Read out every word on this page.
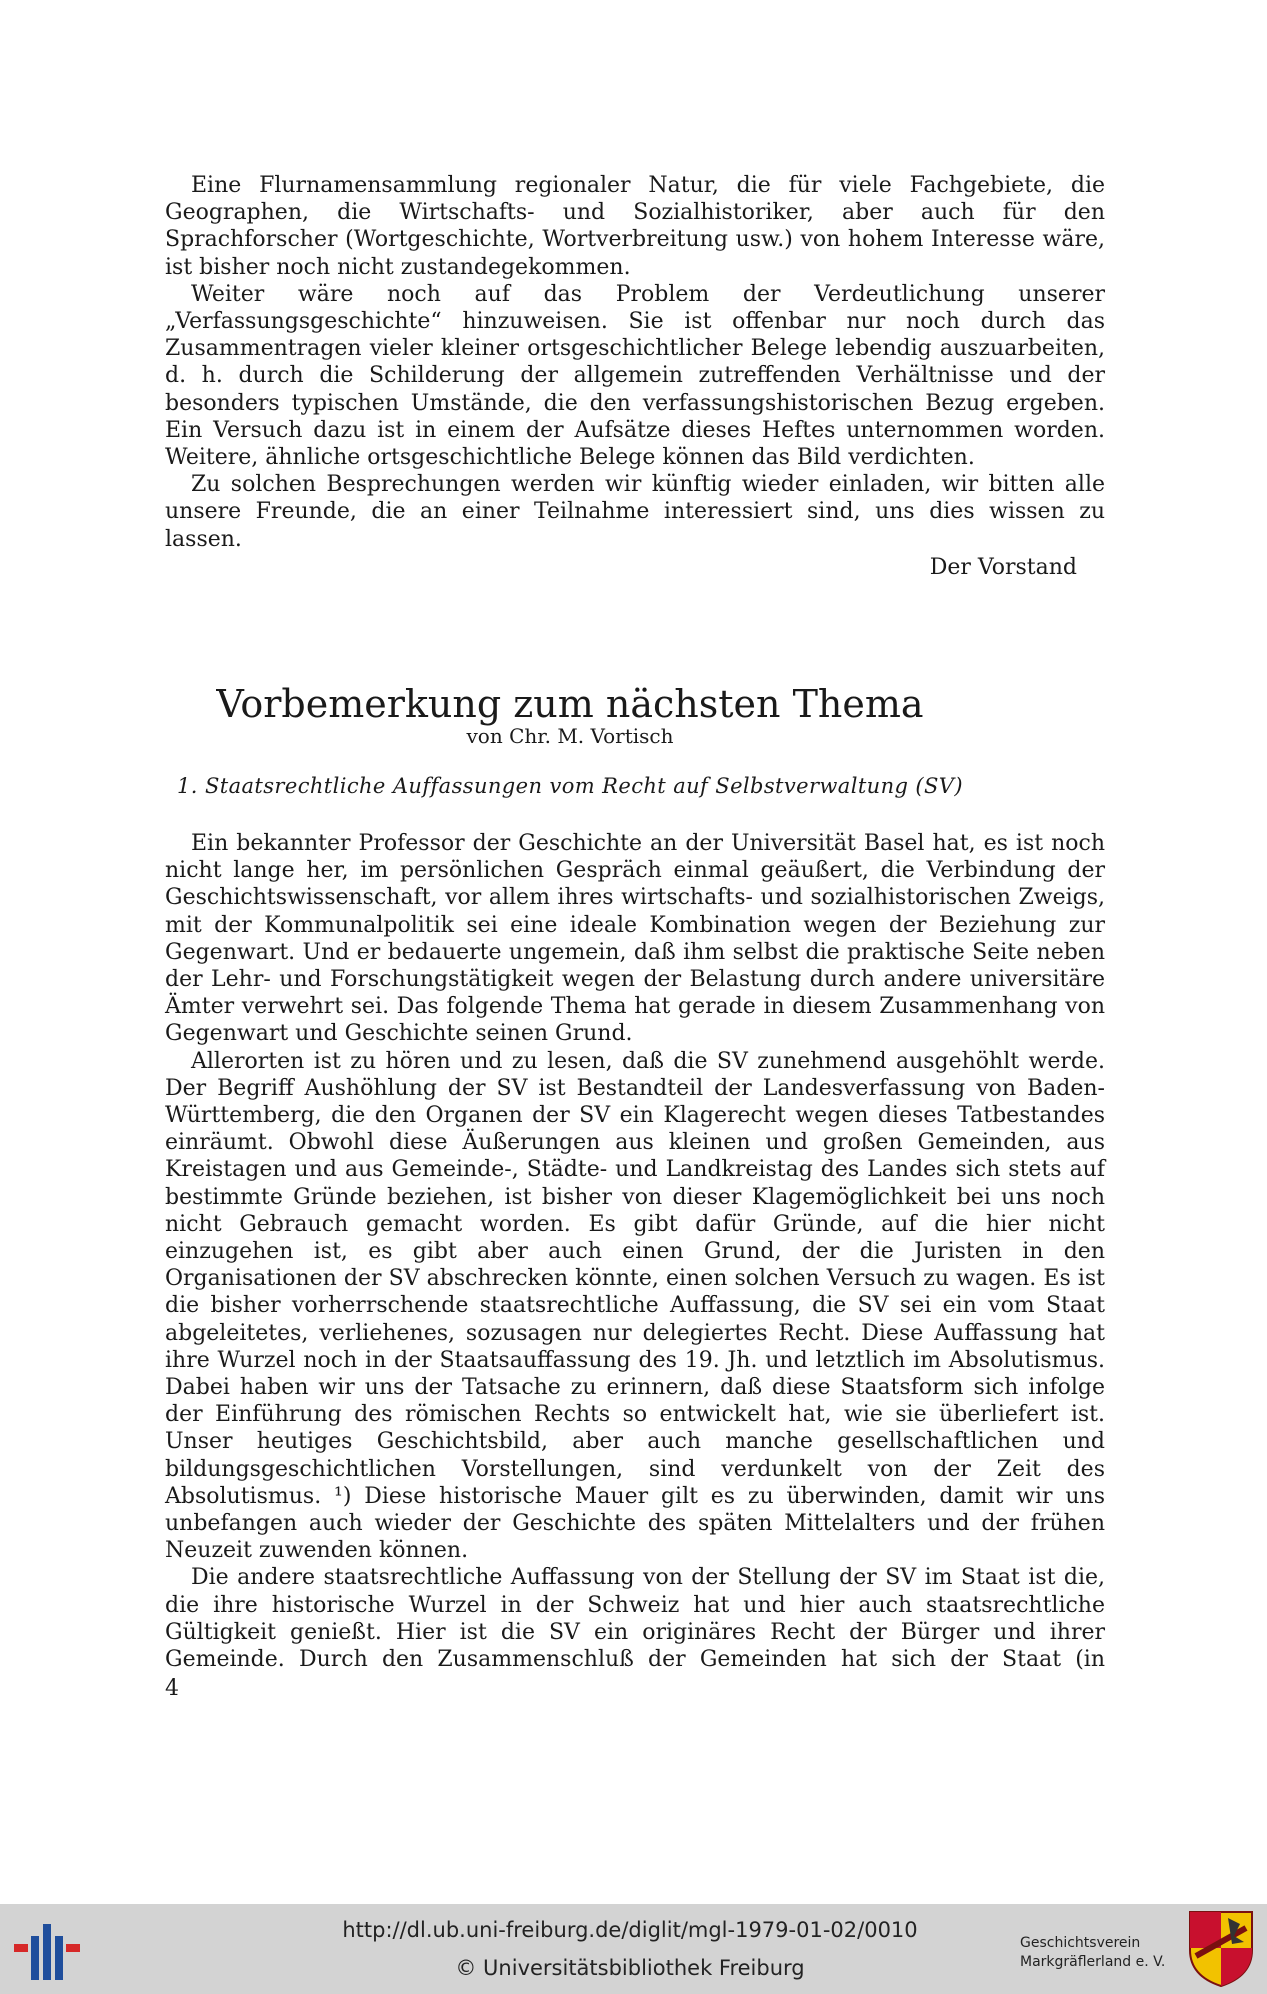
Eine Flurnamensammlung regionaler Natur, die für viele Fachgebiete, die Geographen, die Wirtschafts- und Sozialhistoriker, aber auch für den Sprachforscher (Wortgeschichte, Wortverbreitung usw.) von hohem Interesse wäre, ist bisher noch nicht zustandegekommen.

Weiter wäre noch auf das Problem der Verdeutlichung unserer „Verfassungsgeschichte“ hinzuweisen. Sie ist offenbar nur noch durch das Zusammentragen vieler kleiner ortsgeschichtlicher Belege lebendig auszuarbeiten, d. h. durch die Schilderung der allgemein zutreffenden Verhältnisse und der besonders typischen Umstände, die den verfassungshistorischen Bezug ergeben. Ein Versuch dazu ist in einem der Aufsätze dieses Heftes unternommen worden. Weitere, ähnliche ortsgeschichtliche Belege können das Bild verdichten.

Zu solchen Besprechungen werden wir künftig wieder einladen, wir bitten alle unsere Freunde, die an einer Teilnahme interessiert sind, uns dies wissen zu lassen.

Der Vorstand
Vorbemerkung zum nächsten Thema
von Chr. M. Vortisch
1. Staatsrechtliche Auffassungen vom Recht auf Selbstverwaltung (SV)

Ein bekannter Professor der Geschichte an der Universität Basel hat, es ist noch nicht lange her, im persönlichen Gespräch einmal geäußert, die Verbindung der Geschichtswissenschaft, vor allem ihres wirtschafts- und sozialhistorischen Zweigs, mit der Kommunalpolitik sei eine ideale Kombination wegen der Beziehung zur Gegenwart. Und er bedauerte ungemein, daß ihm selbst die praktische Seite neben der Lehr- und Forschungstätigkeit wegen der Belastung durch andere universitäre Ämter verwehrt sei. Das folgende Thema hat gerade in diesem Zusammenhang von Gegenwart und Geschichte seinen Grund.

Allerorten ist zu hören und zu lesen, daß die SV zunehmend ausgehöhlt werde. Der Begriff Aushöhlung der SV ist Bestandteil der Landesverfassung von Baden-Württemberg, die den Organen der SV ein Klagerecht wegen dieses Tatbestandes einräumt. Obwohl diese Äußerungen aus kleinen und großen Gemeinden, aus Kreistagen und aus Gemeinde-, Städte- und Landkreistag des Landes sich stets auf bestimmte Gründe beziehen, ist bisher von dieser Klagemöglichkeit bei uns noch nicht Gebrauch gemacht worden. Es gibt dafür Gründe, auf die hier nicht einzugehen ist, es gibt aber auch einen Grund, der die Juristen in den Organisationen der SV abschrecken könnte, einen solchen Versuch zu wagen. Es ist die bisher vorherrschende staatsrechtliche Auffassung, die SV sei ein vom Staat abgeleitetes, verliehenes, sozusagen nur delegiertes Recht. Diese Auffassung hat ihre Wurzel noch in der Staatsauffassung des 19. Jh. und letztlich im Absolutismus. Dabei haben wir uns der Tatsache zu erinnern, daß diese Staatsform sich infolge der Einführung des römischen Rechts so entwickelt hat, wie sie überliefert ist. Unser heutiges Geschichtsbild, aber auch manche gesellschaftlichen und bildungsgeschichtlichen Vorstellungen, sind verdunkelt von der Zeit des Absolutismus. ¹) Diese historische Mauer gilt es zu überwinden, damit wir uns unbefangen auch wieder der Geschichte des späten Mittelalters und der frühen Neuzeit zuwenden können.

Die andere staatsrechtliche Auffassung von der Stellung der SV im Staat ist die, die ihre historische Wurzel in der Schweiz hat und hier auch staatsrechtliche Gültigkeit genießt. Hier ist die SV ein originäres Recht der Bürger und ihrer Gemeinde. Durch den Zusammenschluß der Gemeinden hat sich der Staat (in

4
http://dl.ub.uni-freiburg.de/diglit/mgl-1979-01-02/0010
© Universitätsbibliothek Freiburg
Geschichtsverein
Markgräflerland e. V.
